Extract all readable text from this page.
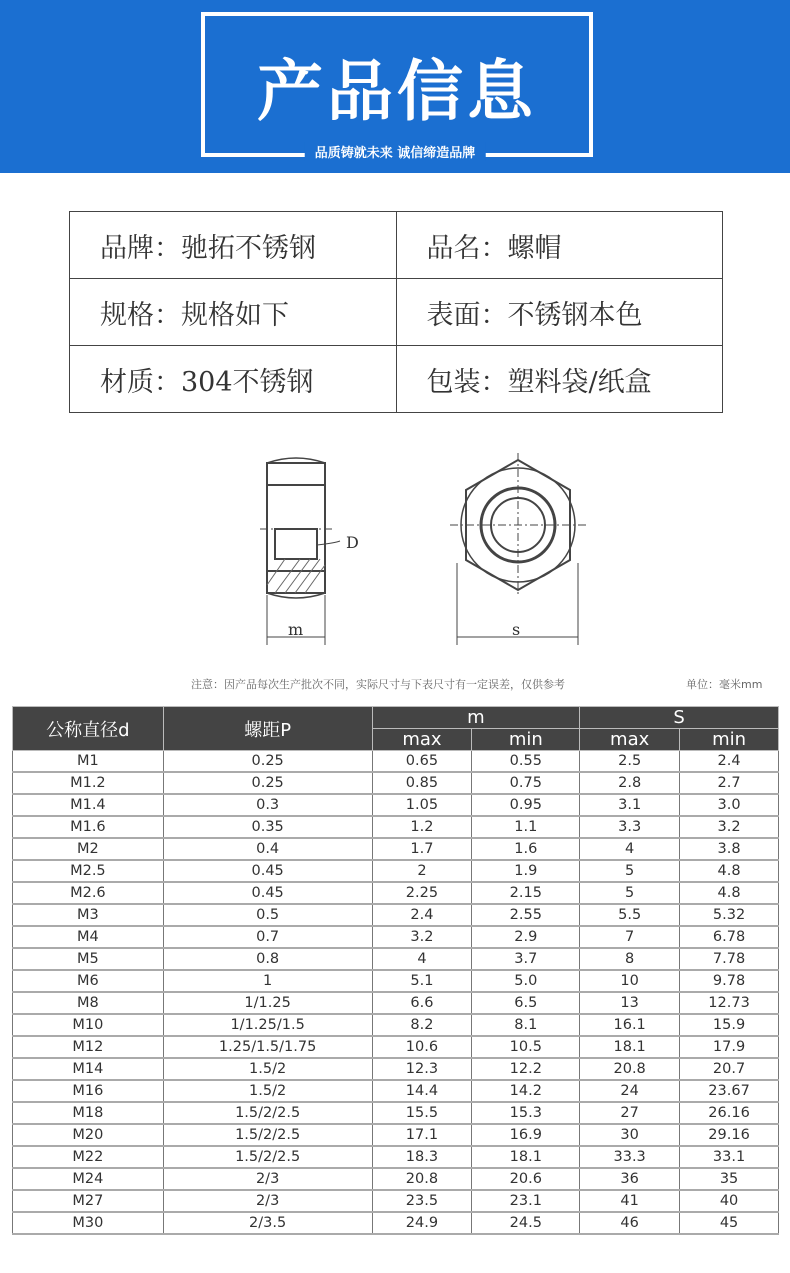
产品信息
品质铸就未来 诚信缔造品牌
品牌：驰拓不锈钢	品名：螺帽
规格：规格如下	表面：不锈钢本色
材质：304不锈钢	包装：塑料袋/纸盒
D
m	s
注意：因产品每次生产批次不同，实际尺寸与下表尺寸有一定误差，仅供参考	单位：毫米mm
公称直径d	螺距P	m		S	
		max	min	max	min
M1	0.25	0.65	0.55	2.5	2.4
M1.2	0.25	0.85	0.75	2.8	2.7
M1.4	0.3	1.05	0.95	3.1	3.0
M1.6	0.35	1.2	1.1	3.3	3.2
M2	0.4	1.7	1.6	4	3.8
M2.5	0.45	2	1.9	5	4.8
M2.6	0.45	2.25	2.15	5	4.8
M3	0.5	2.4	2.55	5.5	5.32
M4	0.7	3.2	2.9	7	6.78
M5	0.8	4	3.7	8	7.78
M6	1	5.1	5.0	10	9.78
M8	1/1.25	6.6	6.5	13	12.73
M10	1/1.25/1.5	8.2	8.1	16.1	15.9
M12	1.25/1.5/1.75	10.6	10.5	18.1	17.9
M14	1.5/2	12.3	12.2	20.8	20.7
M16	1.5/2	14.4	14.2	24	23.67
M18	1.5/2/2.5	15.5	15.3	27	26.16
M20	1.5/2/2.5	17.1	16.9	30	29.16
M22	1.5/2/2.5	18.3	18.1	33.3	33.1
M24	2/3	20.8	20.6	36	35
M27	2/3	23.5	23.1	41	40
M30	2/3.5	24.9	24.5	46	45
